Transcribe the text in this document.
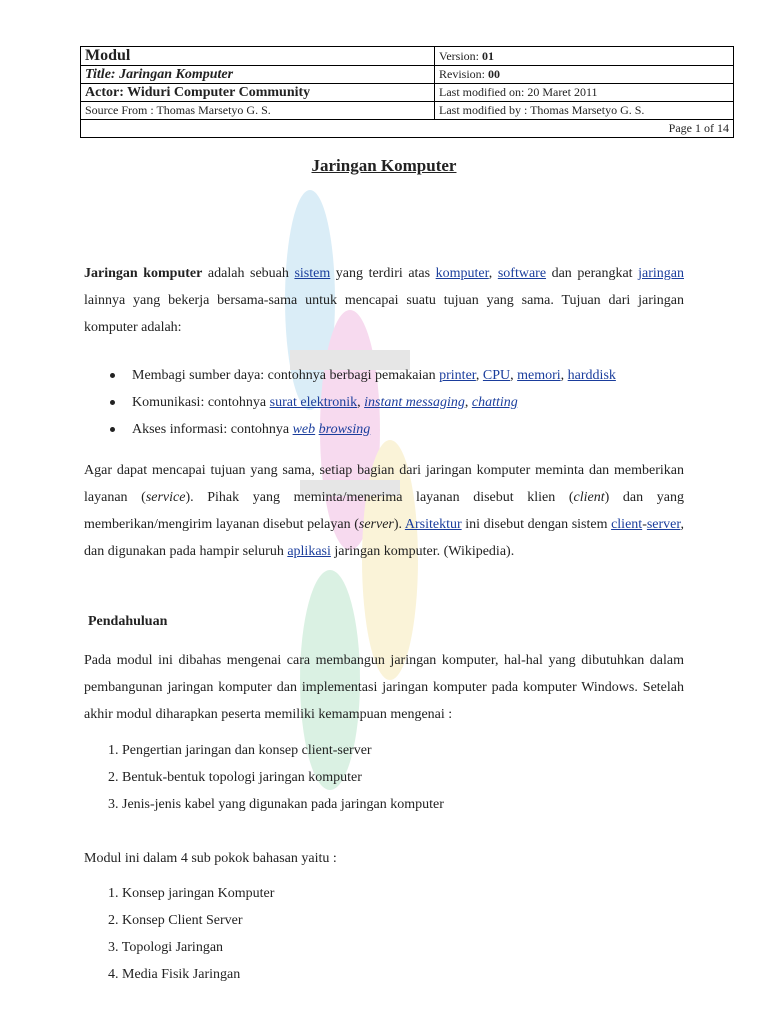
Modul	Version: 01
Title: Jaringan Komputer	Revision: 00
Actor: Widuri Computer Community	Last modified on: 20 Maret 2011
Source From : Thomas Marsetyo G. S.	Last modified by : Thomas Marsetyo G. S.
Page 1 of 14	
Jaringan Komputer

Jaringan komputer adalah sebuah sistem yang terdiri atas komputer, software dan perangkat jaringan lainnya yang bekerja bersama-sama untuk mencapai suatu tujuan yang sama. Tujuan dari jaringan komputer adalah:

Membagi sumber daya: contohnya berbagi pemakaian printer, CPU, memori, harddisk
Komunikasi: contohnya surat elektronik, instant messaging, chatting
Akses informasi: contohnya web browsing

Agar dapat mencapai tujuan yang sama, setiap bagian dari jaringan komputer meminta dan memberikan layanan (service). Pihak yang meminta/menerima layanan disebut klien (client) dan yang memberikan/mengirim layanan disebut pelayan (server). Arsitektur ini disebut dengan sistem client-server, dan digunakan pada hampir seluruh aplikasi jaringan komputer. (Wikipedia).

Pendahuluan

Pada modul ini dibahas mengenai cara membangun jaringan komputer, hal-hal yang dibutuhkan dalam pembangunan jaringan komputer dan implementasi jaringan komputer pada komputer Windows. Setelah akhir modul diharapkan peserta memiliki kemampuan mengenai :

1. Pengertian jaringan dan konsep client-server
2. Bentuk-bentuk topologi jaringan komputer
3. Jenis-jenis kabel yang digunakan pada jaringan komputer

Modul ini dalam 4 sub pokok bahasan yaitu :

1. Konsep jaringan Komputer
2. Konsep Client Server
3. Topologi Jaringan
4. Media Fisik Jaringan
